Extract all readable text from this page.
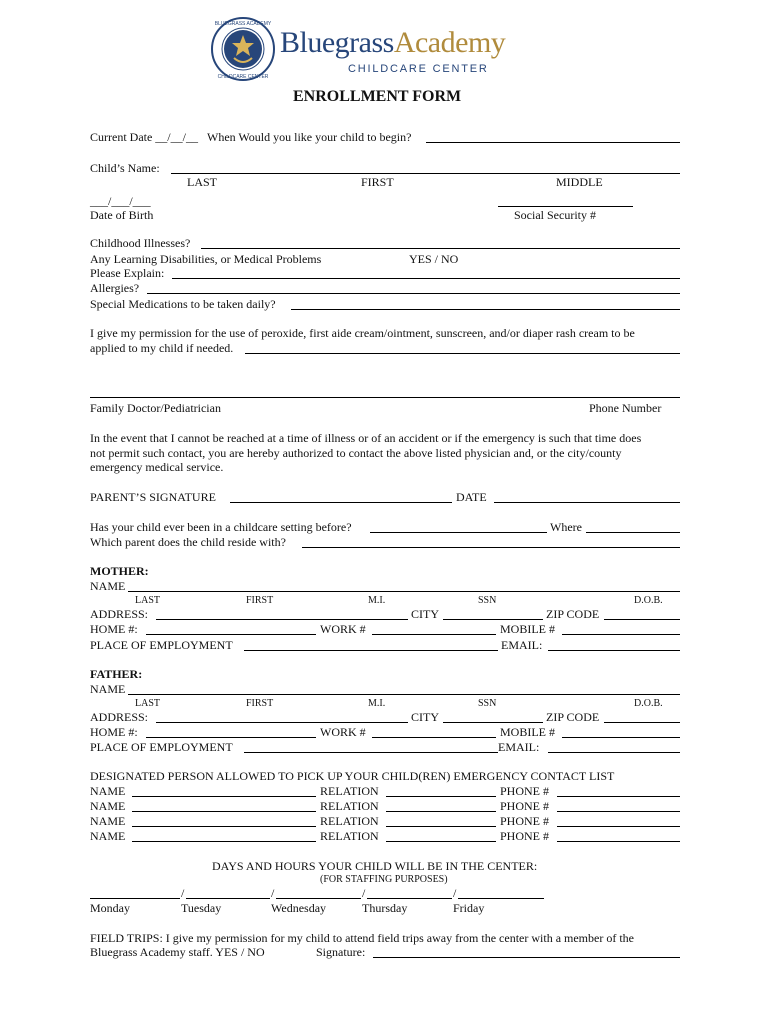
BLUEGRASS ACADEMY
CHILDCARE CENTER
BluegrassAcademy
CHILDCARE CENTER
ENROLLMENT FORM
Current Date __/__/__ When Would you like your child to begin?
Child’s Name:
LAST	FIRST	MIDDLE
___/___/___
Date of Birth	Social Security #
Childhood Illnesses?
Any Learning Disabilities, or Medical Problems	YES / NO
Please Explain:
Allergies?
Special Medications to be taken daily?
I give my permission for the use of peroxide, first aide cream/ointment, sunscreen, and/or diaper rash cream to be
applied to my child if needed.
Family Doctor/Pediatrician	Phone Number
In the event that I cannot be reached at a time of illness or of an accident or if the emergency is such that time does
not permit such contact, you are hereby authorized to contact the above listed physician and, or the city/county
emergency medical service.
PARENT’S SIGNATURE	DATE
Has your child ever been in a childcare setting before?	Where
Which parent does the child reside with?
MOTHER:
NAME
LAST	FIRST	M.I.	SSN	D.O.B.
ADDRESS:	CITY	ZIP CODE
HOME #:	WORK #	MOBILE #
PLACE OF EMPLOYMENT	EMAIL:
FATHER:
NAME
LAST	FIRST	M.I.	SSN	D.O.B.
ADDRESS:	CITY	ZIP CODE
HOME #:	WORK #	MOBILE #
PLACE OF EMPLOYMENT	EMAIL:
DESIGNATED PERSON ALLOWED TO PICK UP YOUR CHILD(REN) EMERGENCY CONTACT LIST
NAME	RELATION	PHONE #
NAME	RELATION	PHONE #
NAME	RELATION	PHONE #
NAME	RELATION	PHONE #
DAYS AND HOURS YOUR CHILD WILL BE IN THE CENTER:
(FOR STAFFING PURPOSES)
/	/	/	/
Monday	Tuesday	Wednesday	Thursday	Friday
FIELD TRIPS: I give my permission for my child to attend field trips away from the center with a member of the
Bluegrass Academy staff. YES / NO	Signature:
